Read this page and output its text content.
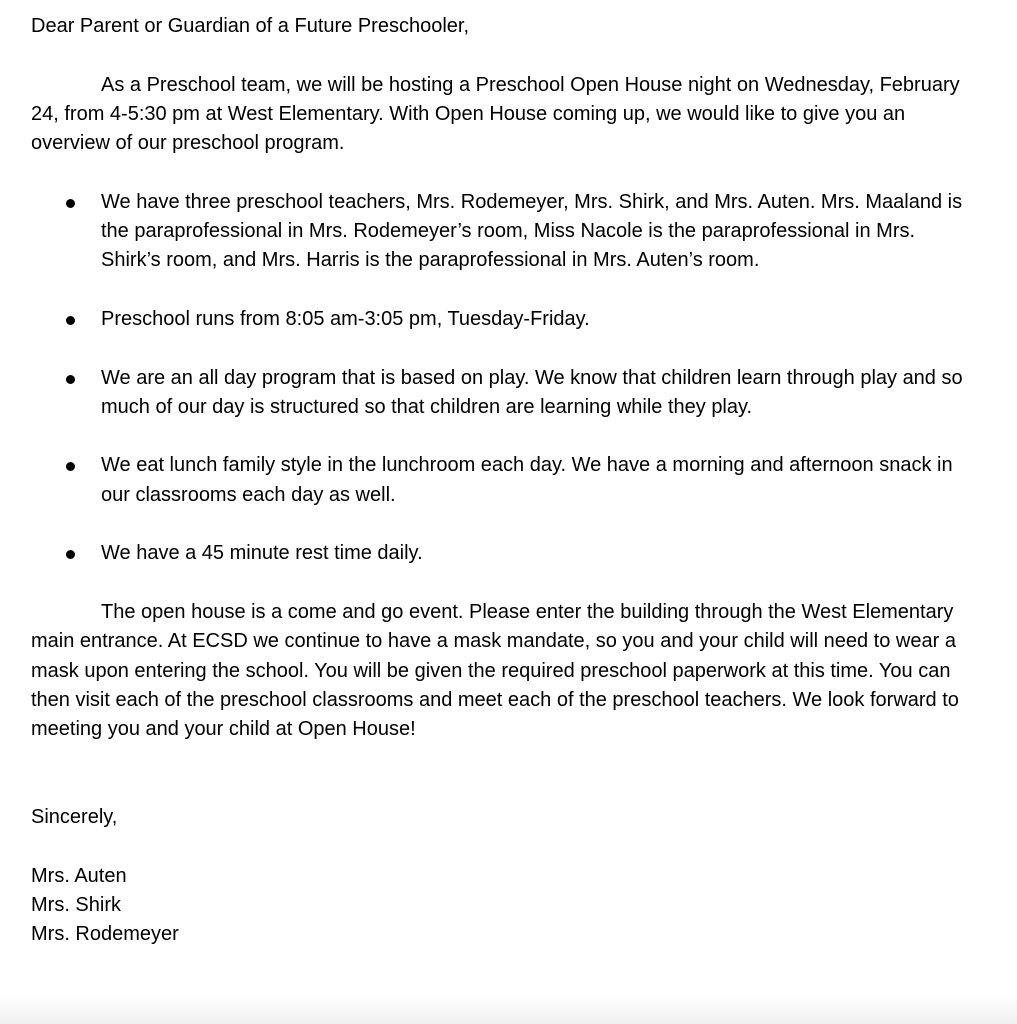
Dear Parent or Guardian of a Future Preschooler,

As a Preschool team, we will be hosting a Preschool Open House night on Wednesday, February 24, from 4-5:30 pm at West Elementary. With Open House coming up, we would like to give you an overview of our preschool program.

We have three preschool teachers, Mrs. Rodemeyer, Mrs. Shirk, and Mrs. Auten. Mrs. Maaland is the paraprofessional in Mrs. Rodemeyer’s room, Miss Nacole is the paraprofessional in Mrs. Shirk’s room, and Mrs. Harris is the paraprofessional in Mrs. Auten’s room.
Preschool runs from 8:05 am-3:05 pm, Tuesday-Friday.
We are an all day program that is based on play. We know that children learn through play and so much of our day is structured so that children are learning while they play.
We eat lunch family style in the lunchroom each day. We have a morning and afternoon snack in our classrooms each day as well.
We have a 45 minute rest time daily.

The open house is a come and go event. Please enter the building through the West Elementary main entrance. At ECSD we continue to have a mask mandate, so you and your child will need to wear a mask upon entering the school. You will be given the required preschool paperwork at this time. You can then visit each of the preschool classrooms and meet each of the preschool teachers. We look forward to meeting you and your child at Open House!

Sincerely,

Mrs. Auten

Mrs. Shirk

Mrs. Rodemeyer
